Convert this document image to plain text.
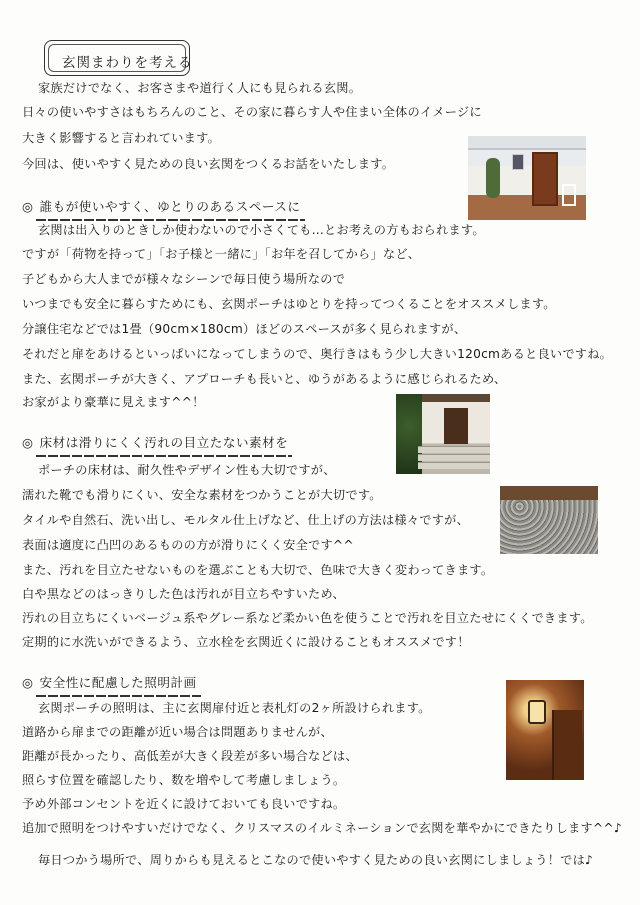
玄関まわりを考える
家族だけでなく、お客さまや道行く人にも見られる玄関。
日々の使いやすさはもちろんのこと、その家に暮らす人や住まい全体のイメージに
大きく影響すると言われています。
今回は、使いやすく見ための良い玄関をつくるお話をいたします。
◎ 誰もが使いやすく、ゆとりのあるスペースに
玄関は出入りのときしか使わないので小さくても…とお考えの方もおられます。
ですが「荷物を持って」「お子様と一緒に」「お年を召してから」など、
子どもから大人までが様々なシーンで毎日使う場所なので
いつまでも安全に暮らすためにも、玄関ポーチはゆとりを持ってつくることをオススメします。
分譲住宅などでは1畳（90cm×180cm）ほどのスペースが多く見られますが、
それだと扉をあけるといっぱいになってしまうので、奥行きはもう少し大きい120cmあると良いですね。
また、玄関ポーチが大きく、アプローチも長いと、ゆうがあるように感じられるため、
お家がより豪華に見えます^^！
◎ 床材は滑りにくく汚れの目立たない素材を
ポーチの床材は、耐久性やデザイン性も大切ですが、
濡れた靴でも滑りにくい、安全な素材をつかうことが大切です。
タイルや自然石、洗い出し、モルタル仕上げなど、仕上げの方法は様々ですが、
表面は適度に凸凹のあるものの方が滑りにくく安全です^^
また、汚れを目立たせないものを選ぶことも大切で、色味で大きく変わってきます。
白や黒などのはっきりした色は汚れが目立ちやすいため、
汚れの目立ちにくいベージュ系やグレー系など柔かい色を使うことで汚れを目立たせにくくできます。
定期的に水洗いができるよう、立水栓を玄関近くに設けることもオススメです！
◎ 安全性に配慮した照明計画
玄関ポーチの照明は、主に玄関扉付近と表札灯の2ヶ所設けられます。
道路から扉までの距離が近い場合は問題ありませんが、
距離が長かったり、高低差が大きく段差が多い場合などは、
照らす位置を確認したり、数を増やして考慮しましょう。
予め外部コンセントを近くに設けておいても良いですね。
追加で照明をつけやすいだけでなく、クリスマスのイルミネーションで玄関を華やかにできたりします^^♪
毎日つかう場所で、周りからも見えるとこなので使いやすく見ための良い玄関にしましょう！では♪
